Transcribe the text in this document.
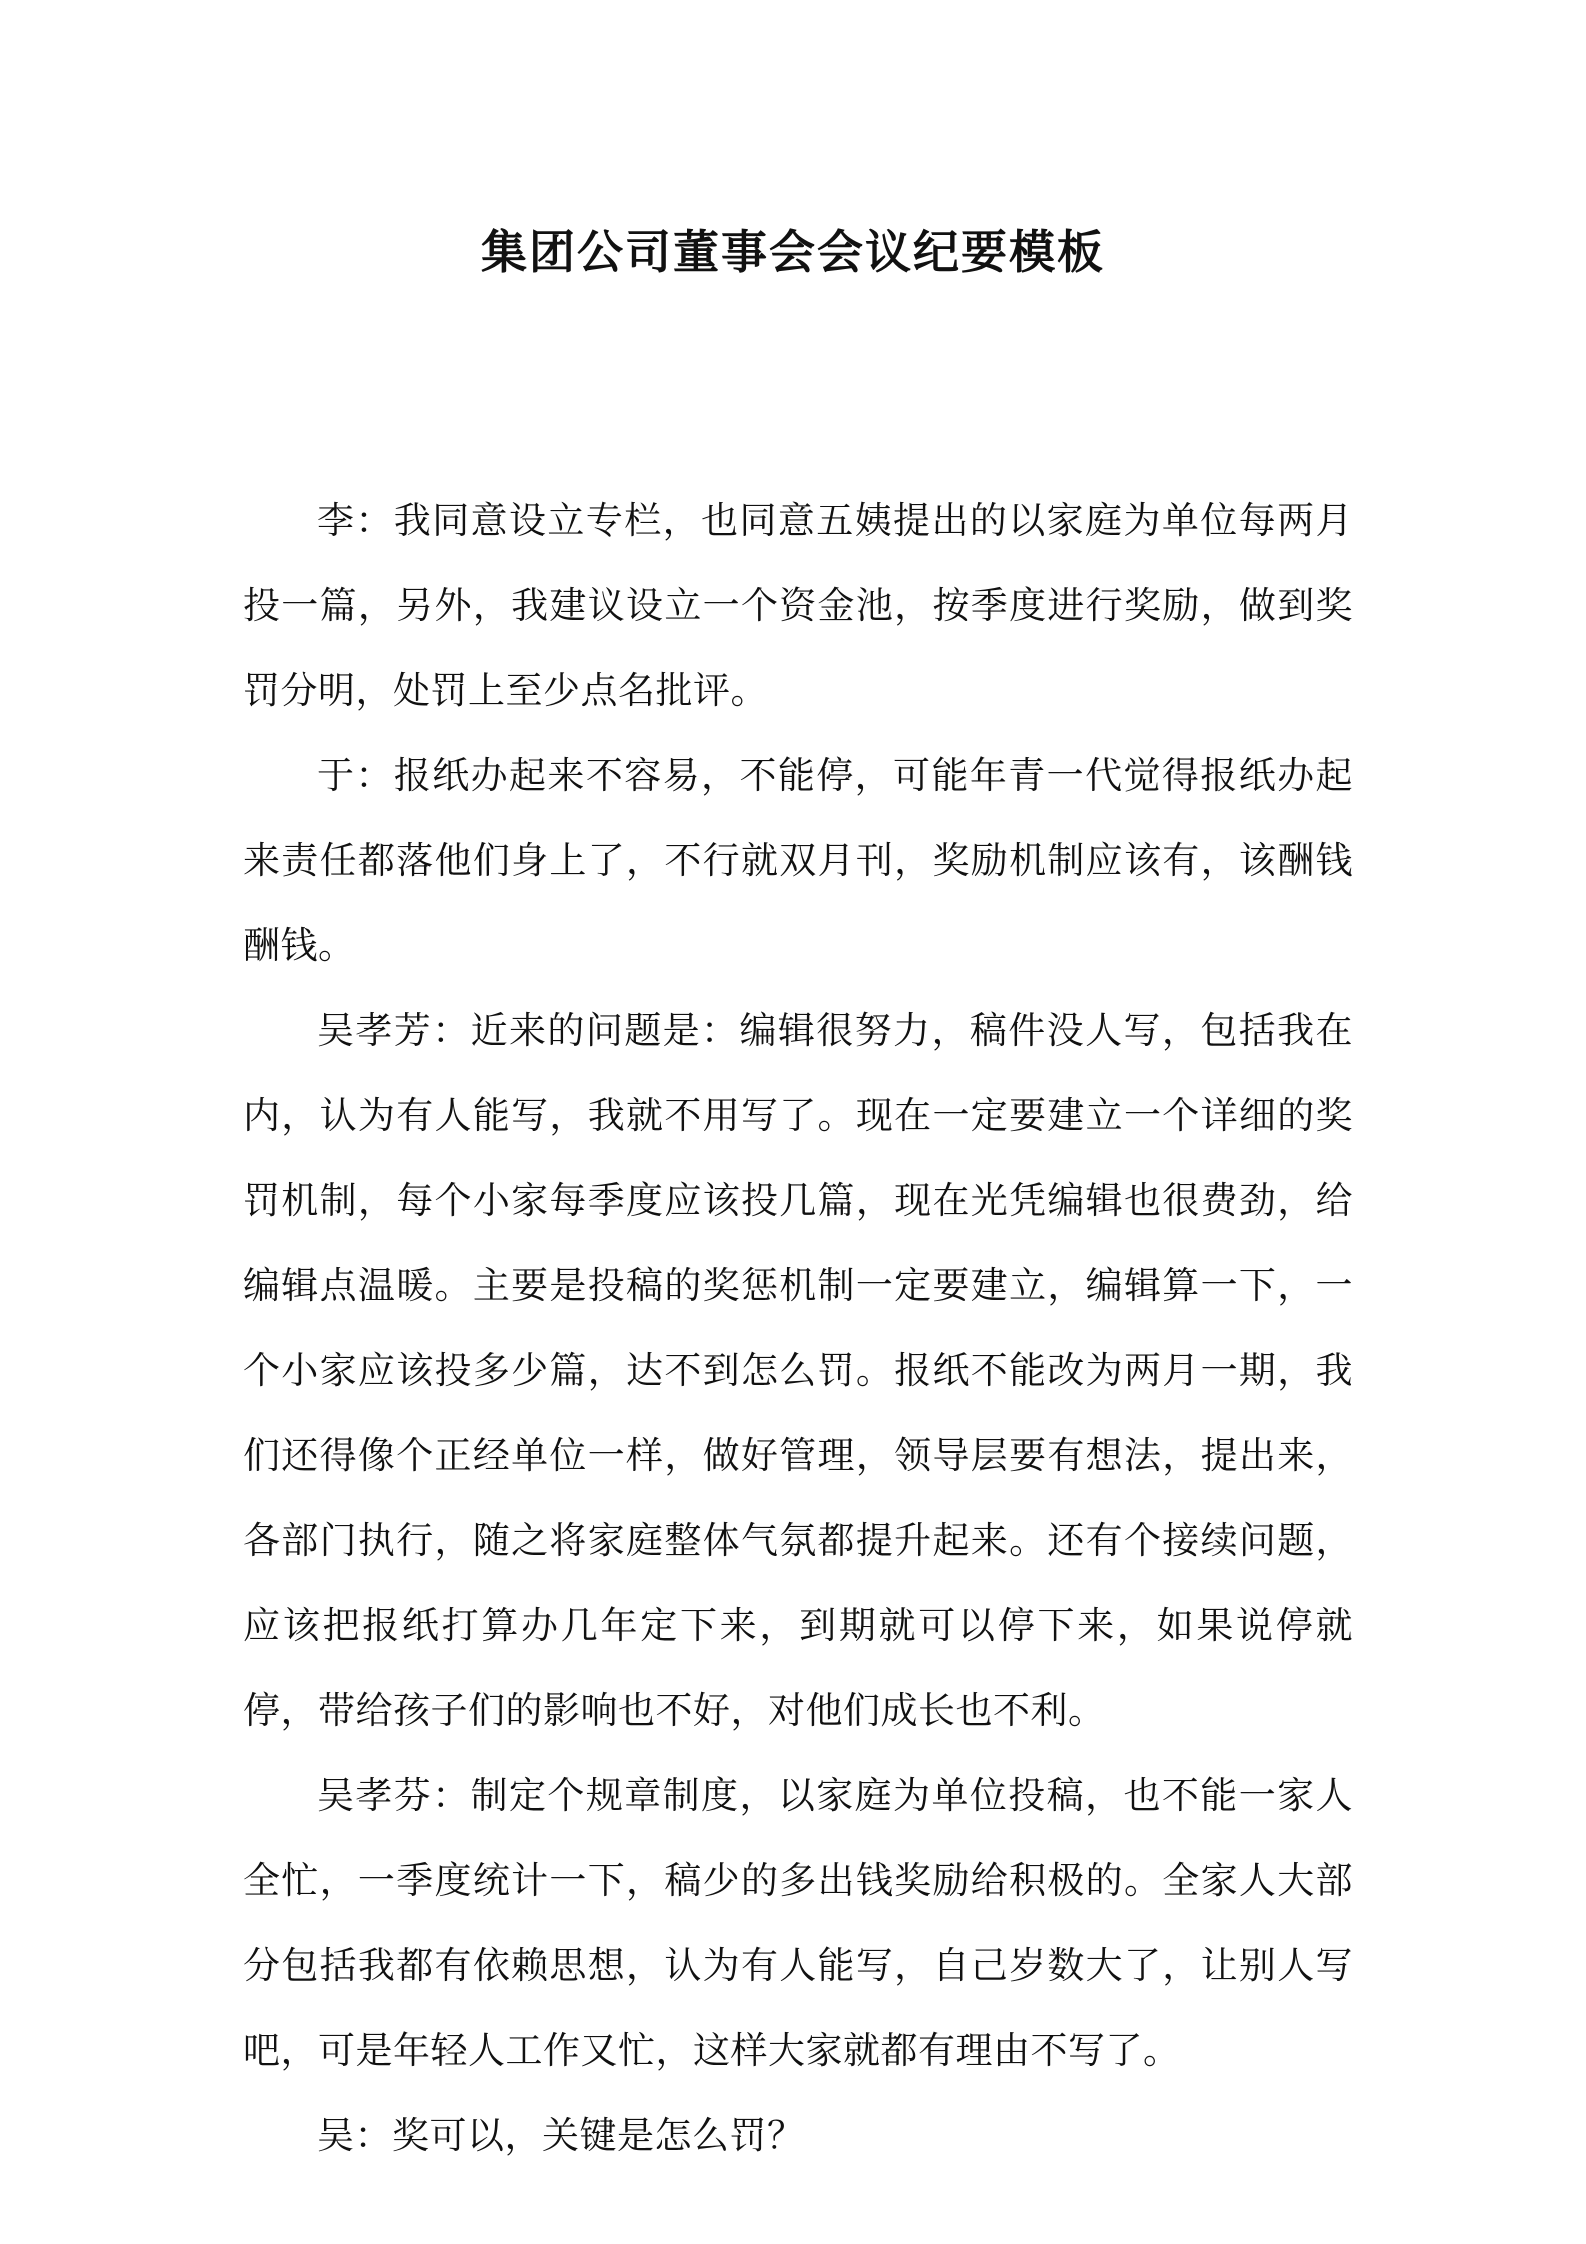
集团公司董事会会议纪要模板

李：我同意设立专栏，也同意五姨提出的以家庭为单位每两月投一篇，另外，我建议设立一个资金池，按季度进行奖励，做到奖罚分明，处罚上至少点名批评。

于：报纸办起来不容易，不能停，可能年青一代觉得报纸办起来责任都落他们身上了，不行就双月刊，奖励机制应该有，该酬钱酬钱。

吴孝芳：近来的问题是：编辑很努力，稿件没人写，包括我在内，认为有人能写，我就不用写了。现在一定要建立一个详细的奖罚机制，每个小家每季度应该投几篇，现在光凭编辑也很费劲，给编辑点温暖。主要是投稿的奖惩机制一定要建立，编辑算一下，一个小家应该投多少篇，达不到怎么罚。报纸不能改为两月一期，我们还得像个正经单位一样，做好管理，领导层要有想法，提出来，各部门执行，随之将家庭整体气氛都提升起来。还有个接续问题，应该把报纸打算办几年定下来，到期就可以停下来，如果说停就停，带给孩子们的影响也不好，对他们成长也不利。

吴孝芬：制定个规章制度，以家庭为单位投稿，也不能一家人全忙，一季度统计一下，稿少的多出钱奖励给积极的。全家人大部分包括我都有依赖思想，认为有人能写，自己岁数大了，让别人写吧，可是年轻人工作又忙，这样大家就都有理由不写了。

吴：奖可以，关键是怎么罚？
